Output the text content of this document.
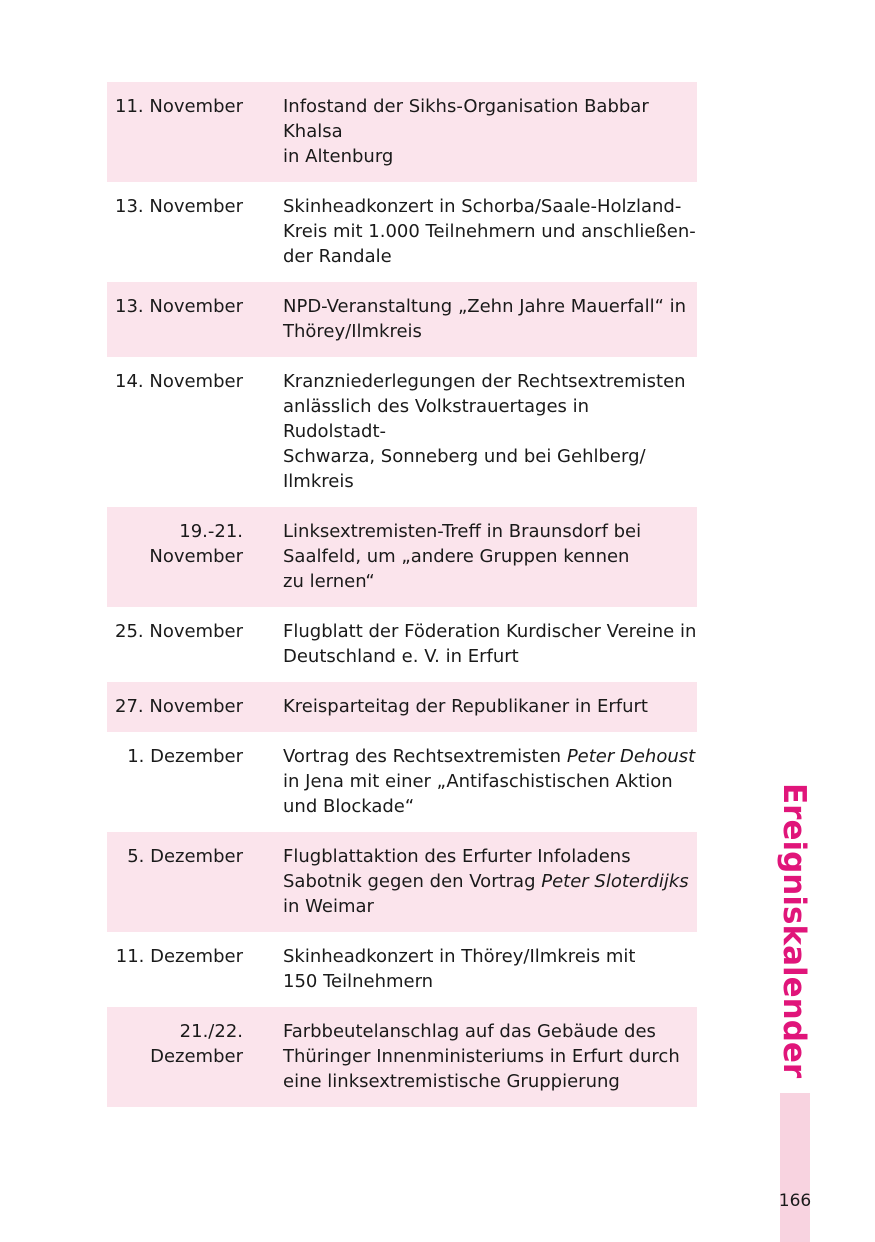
11. November Infostand der Sikhs-Organisation Babbar Khalsa
in Altenburg
13. November Skinheadkonzert in Schorba/Saale-Holzland-
Kreis mit 1.000 Teilnehmern und anschließen-
der Randale
13. November NPD-Veranstaltung „Zehn Jahre Mauerfall“ in
Thörey/Ilmkreis
14. November Kranzniederlegungen der Rechtsextremisten
anlässlich des Volkstrauertages in Rudolstadt-
Schwarza, Sonneberg und bei Gehlberg/
Ilmkreis
19.-21.
November
Linksextremisten-Treff in Braunsdorf bei
Saalfeld, um „andere Gruppen kennen
zu lernen“
25. November Flugblatt der Föderation Kurdischer Vereine in
Deutschland e. V. in Erfurt
27. November Kreisparteitag der Republikaner in Erfurt
1. Dezember Vortrag des Rechtsextremisten Peter Dehoust
in Jena mit einer „Antifaschistischen Aktion
und Blockade“
5. Dezember Flugblattaktion des Erfurter Infoladens
Sabotnik gegen den Vortrag Peter Sloterdijks
in Weimar
11. Dezember Skinheadkonzert in Thörey/Ilmkreis mit
150 Teilnehmern
21./22.
Dezember
Farbbeutelanschlag auf das Gebäude des
Thüringer Innenministeriums in Erfurt durch
eine linksextremistische Gruppierung
Ereigniskalender
166
